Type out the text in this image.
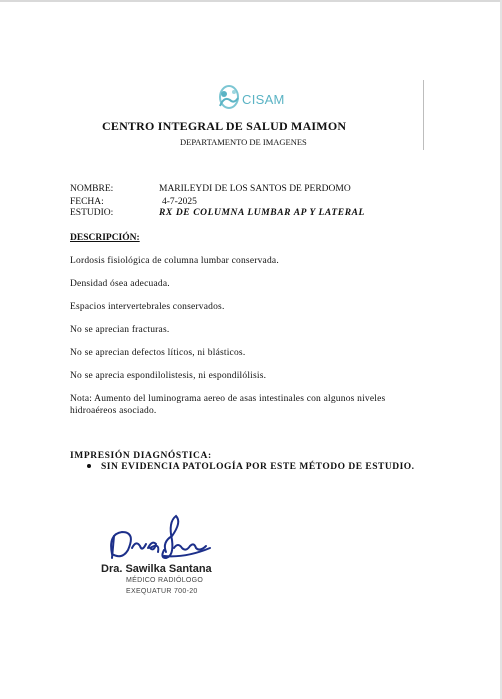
CISAM
CENTRO INTEGRAL DE SALUD MAIMON
DEPARTAMENTO DE IMAGENES
NOMBRE:	MARILEYDI DE LOS SANTOS DE PERDOMO
FECHA:	4-7-2025
ESTUDIO:	RX DE COLUMNA LUMBAR AP Y LATERAL
DESCRIPCIÓN:
Lordosis fisiológica de columna lumbar conservada.
Densidad ósea adecuada.
Espacios intervertebrales conservados.
No se aprecian fracturas.
No se aprecian defectos líticos, ni blásticos.
No se aprecia espondilolistesis, ni espondilólisis.
Nota: Aumento del luminograma aereo de asas intestinales con algunos niveles hidroaéreos asociado.
IMPRESIÓN DIAGNÓSTICA:
SIN EVIDENCIA PATOLOGÍA POR ESTE MÉTODO DE ESTUDIO.
Dra. Sawilka Santana
MÉDICO RADIÓLOGO
EXEQUATUR 700-20
